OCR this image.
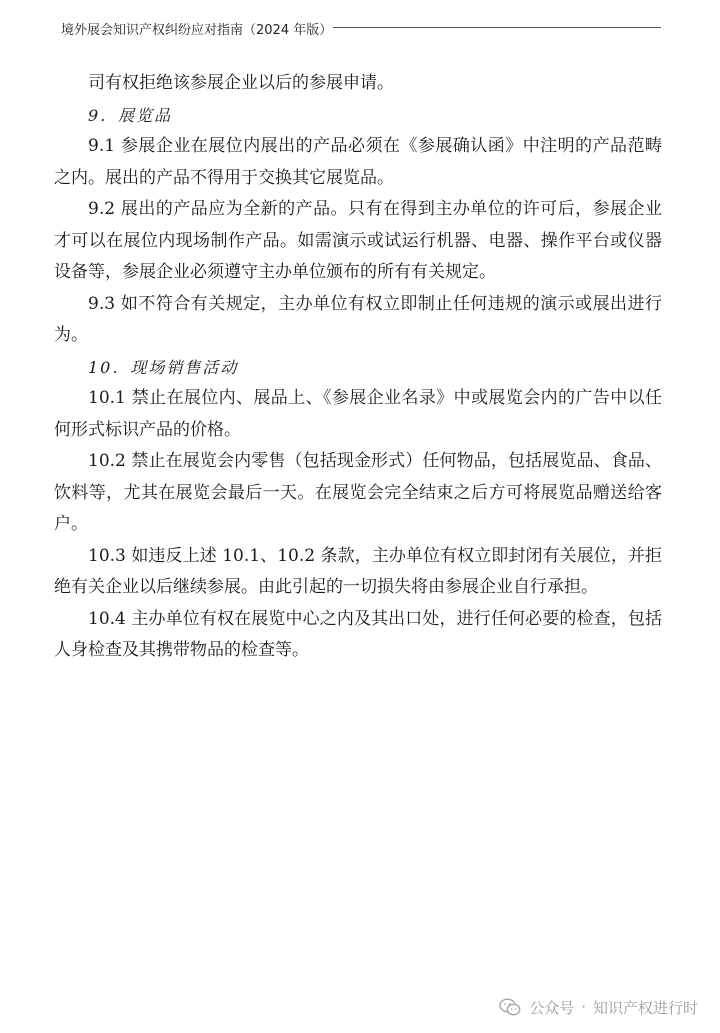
境外展会知识产权纠纷应对指南（2024 年版）

司有权拒绝该参展企业以后的参展申请。

9．展览品

9.1 参展企业在展位内展出的产品必须在《参展确认函》中注明的产品范畴之内。展出的产品不得用于交换其它展览品。

9.2 展出的产品应为全新的产品。只有在得到主办单位的许可后，参展企业才可以在展位内现场制作产品。如需演示或试运行机器、电器、操作平台或仪器设备等，参展企业必须遵守主办单位颁布的所有有关规定。

9.3 如不符合有关规定，主办单位有权立即制止任何违规的演示或展出进行为。

10．现场销售活动

10.1 禁止在展位内、展品上、《参展企业名录》中或展览会内的广告中以任何形式标识产品的价格。

10.2 禁止在展览会内零售（包括现金形式）任何物品，包括展览品、食品、饮料等，尤其在展览会最后一天。在展览会完全结束之后方可将展览品赠送给客户。

10.3 如违反上述 10.1、10.2 条款，主办单位有权立即封闭有关展位，并拒绝有关企业以后继续参展。由此引起的一切损失将由参展企业自行承担。

10.4 主办单位有权在展览中心之内及其出口处，进行任何必要的检查，包括人身检查及其携带物品的检查等。

公众号 · 知识产权进行时
